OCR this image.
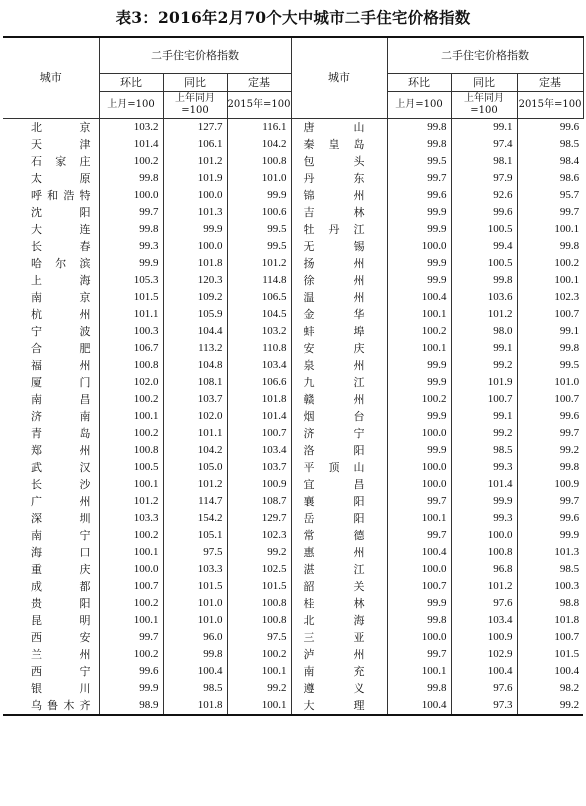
表3：2016年2月70个大中城市二手住宅价格指数
城市	二手住宅价格指数			城市	二手住宅价格指数		
	环比	同比	定基		环比	同比	定基
	上月=100	上年同月=100	2015年=100		上月=100	上年同月=100	2015年=100
北京	103.2	127.7	116.1	唐山	99.8	99.1	99.6
天津	101.4	106.1	104.2	秦皇岛	99.8	97.4	98.5
石家庄	100.2	101.2	100.8	包头	99.5	98.1	98.4
太原	99.8	101.9	101.0	丹东	99.7	97.9	98.6
呼和浩特	100.0	100.0	99.9	锦州	99.6	92.6	95.7
沈阳	99.7	101.3	100.6	吉林	99.9	99.6	99.7
大连	99.8	99.9	99.5	牡丹江	99.9	100.5	100.1
长春	99.3	100.0	99.5	无锡	100.0	99.4	99.8
哈尔滨	99.9	101.8	101.2	扬州	99.9	100.5	100.2
上海	105.3	120.3	114.8	徐州	99.9	99.8	100.1
南京	101.5	109.2	106.5	温州	100.4	103.6	102.3
杭州	101.1	105.9	104.5	金华	100.1	101.2	100.7
宁波	100.3	104.4	103.2	蚌埠	100.2	98.0	99.1
合肥	106.7	113.2	110.8	安庆	100.1	99.1	99.8
福州	100.8	104.8	103.4	泉州	99.9	99.2	99.5
厦门	102.0	108.1	106.6	九江	99.9	101.9	101.0
南昌	100.2	103.7	101.8	赣州	100.2	100.7	100.7
济南	100.1	102.0	101.4	烟台	99.9	99.1	99.6
青岛	100.2	101.1	100.7	济宁	100.0	99.2	99.7
郑州	100.8	104.2	103.4	洛阳	99.9	98.5	99.2
武汉	100.5	105.0	103.7	平顶山	100.0	99.3	99.8
长沙	100.1	101.2	100.9	宜昌	100.0	101.4	100.9
广州	101.2	114.7	108.7	襄阳	99.7	99.9	99.7
深圳	103.3	154.2	129.7	岳阳	100.1	99.3	99.6
南宁	100.2	105.1	102.3	常德	99.7	100.0	99.9
海口	100.1	97.5	99.2	惠州	100.4	100.8	101.3
重庆	100.0	103.3	102.5	湛江	100.0	96.8	98.5
成都	100.7	101.5	101.5	韶关	100.7	101.2	100.3
贵阳	100.2	101.0	100.8	桂林	99.9	97.6	98.8
昆明	100.1	101.0	100.8	北海	99.8	103.4	101.8
西安	99.7	96.0	97.5	三亚	100.0	100.9	100.7
兰州	100.2	99.8	100.2	泸州	99.7	102.9	101.5
西宁	99.6	100.4	100.1	南充	100.1	100.4	100.4
银川	99.9	98.5	99.2	遵义	99.8	97.6	98.2
乌鲁木齐	98.9	101.8	100.1	大理	100.4	97.3	99.2
